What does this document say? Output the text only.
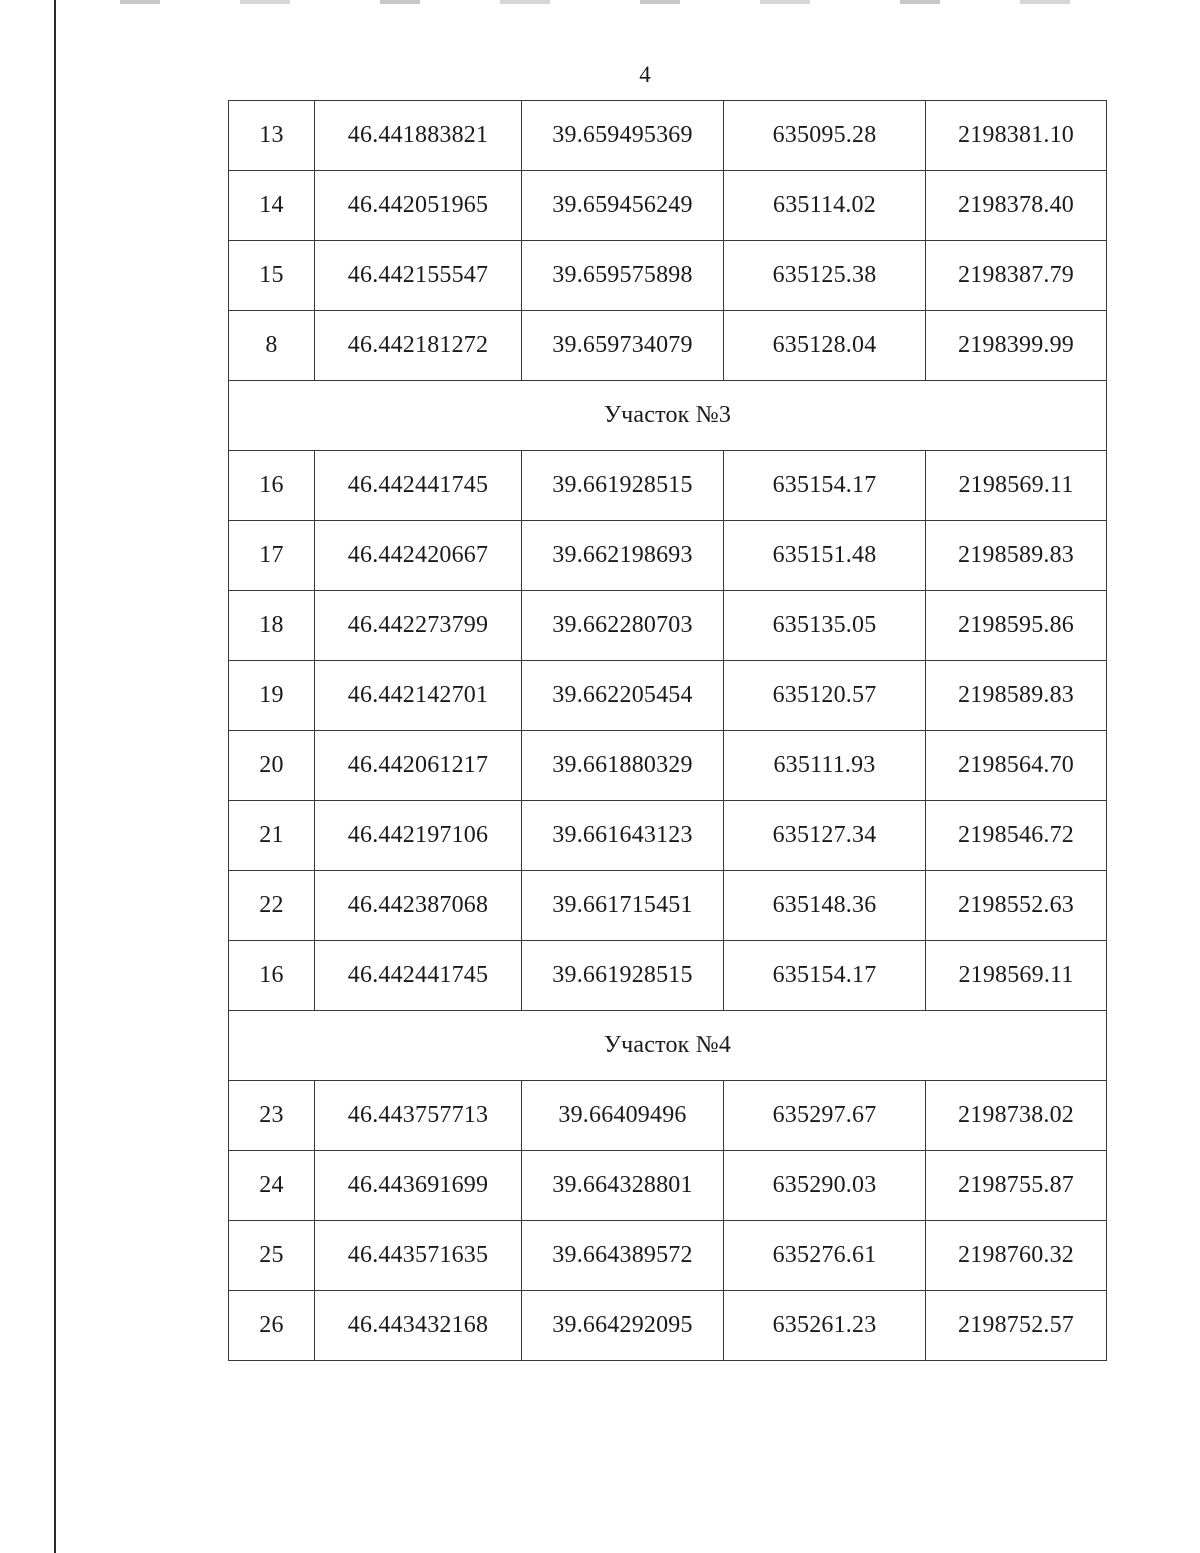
4
13	46.441883821	39.659495369	635095.28	2198381.10
14	46.442051965	39.659456249	635114.02	2198378.40
15	46.442155547	39.659575898	635125.38	2198387.79
8	46.442181272	39.659734079	635128.04	2198399.99
Участок №3				
16	46.442441745	39.661928515	635154.17	2198569.11
17	46.442420667	39.662198693	635151.48	2198589.83
18	46.442273799	39.662280703	635135.05	2198595.86
19	46.442142701	39.662205454	635120.57	2198589.83
20	46.442061217	39.661880329	635111.93	2198564.70
21	46.442197106	39.661643123	635127.34	2198546.72
22	46.442387068	39.661715451	635148.36	2198552.63
16	46.442441745	39.661928515	635154.17	2198569.11
Участок №4				
23	46.443757713	39.66409496	635297.67	2198738.02
24	46.443691699	39.664328801	635290.03	2198755.87
25	46.443571635	39.664389572	635276.61	2198760.32
26	46.443432168	39.664292095	635261.23	2198752.57
